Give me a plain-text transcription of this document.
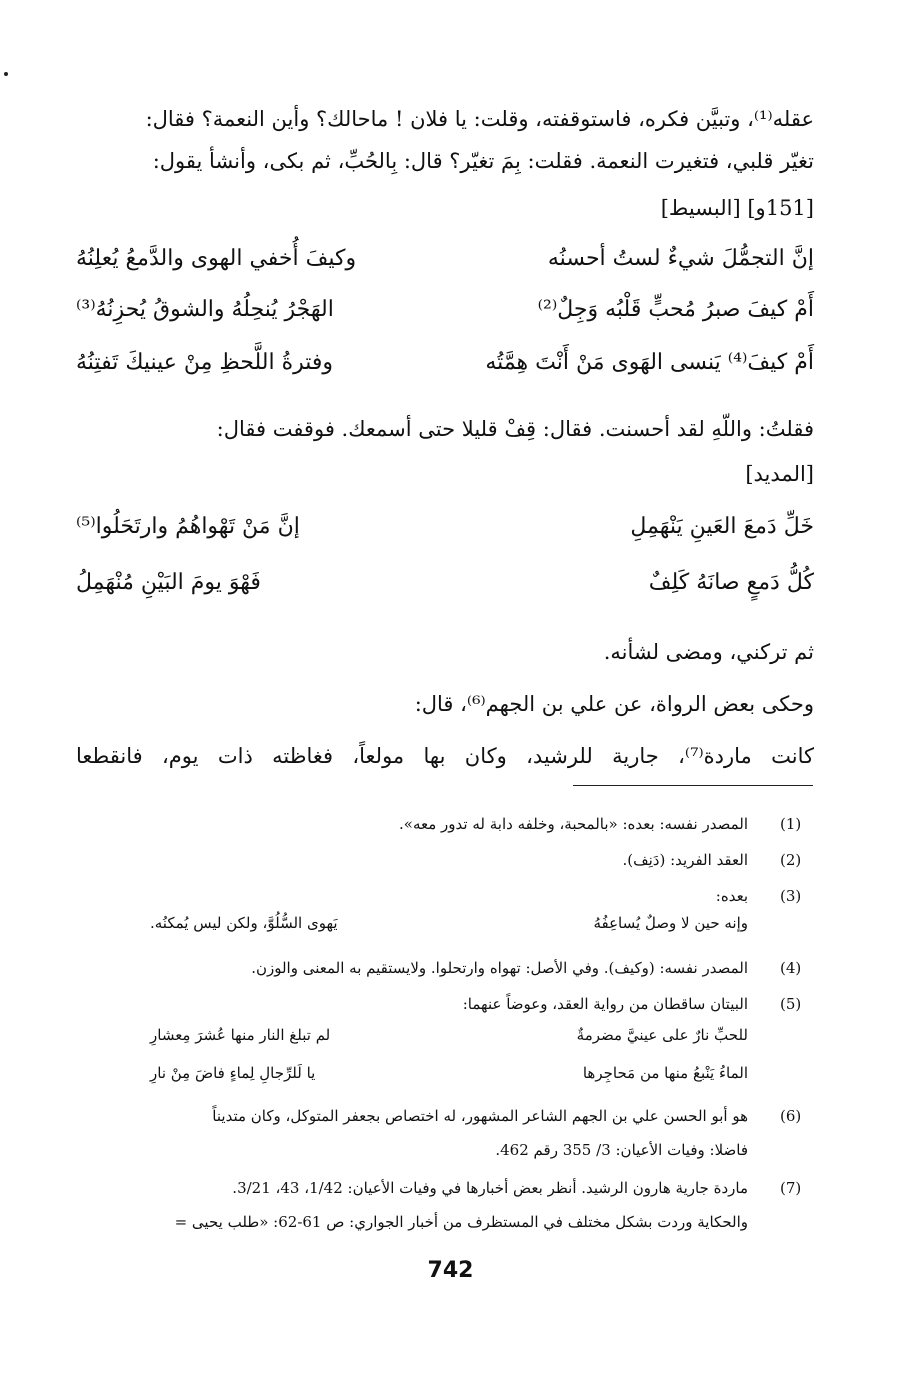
عقله⁽¹⁾، وتبيَّن فكره، فاستوقفته، وقلت: يا فلان ! ماحالك؟ وأين النعمة؟ فقال:
تغيّر قلبي، فتغيرت النعمة. فقلت: بِمَ تغيّر؟ قال: بِالحُبِّ، ثم بكى، وأنشأ يقول:
[151و] [البسيط]
إنَّ التجمُّلَ شيءٌ لستُ أحسنُه
وكيفَ أُخفي الهوى والدَّمعُ يُعلِنُهُ
أَمْ كيفَ صبرُ مُحبٍّ قَلْبُه وَجِلٌ⁽²⁾
الهَجْرُ يُنحِلُهُ والشوقُ يُحزِنُهُ⁽³⁾
أَمْ كيفَ⁽⁴⁾ يَنسى الهَوى مَنْ أَنْتَ هِمَّتُه
وفترةُ اللَّحظِ مِنْ عينيكَ تَفتِنُهُ
فقلتُ: واللّهِ لقد أحسنت. فقال: قِفْ قليلا حتى أسمعك. فوقفت فقال:
[المديد]
خَلِّ دَمعَ العَينِ يَنْهَمِلِ
إنَّ مَنْ تَهْواهُمُ وارتَحَلُوا⁽⁵⁾
كُلُّ دَمعٍ صانَهُ كَلِفٌ
فَهْوَ يومَ البَيْنِ مُنْهَمِلُ
ثم تركني، ومضى لشأنه.
وحكى بعض الرواة، عن علي بن الجهم⁽⁶⁾، قال:
كانت ماردة⁽⁷⁾، جارية للرشيد، وكان بها مولعاً، فغاظته ذات يوم، فانقطعا
(1)
المصدر نفسه: بعده: «بالمحبة، وخلفه دابة له تدور معه».
(2)
العقد الفريد: (دَنِف).
(3)
بعده:
وإنه حين لا وصلٌ يُساعِفُهُ
يَهوى السُّلُوَّ، ولكن ليس يُمكنُه.
(4)
المصدر نفسه: (وكيف). وفي الأصل: تهواه وارتحلوا. ولايستقيم به المعنى والوزن.
(5)
البيتان ساقطان من رواية العقد، وعوضاً عنهما:
للحبِّ نارٌ على عينيَّ مضرمةٌ
لم تبلغ النار منها عُشرَ مِعشارِ
الماءُ يَنْبعُ منها من مَحاجِرها
يا لَلرِّجالِ لِماءٍ فاضَ مِنْ نارِ
(6)
هو أبو الحسن علي بن الجهم الشاعر المشهور، له اختصاص بجعفر المتوكل، وكان متديناً
فاضلا: وفيات الأعيان: 3/ 355 رقم 462.
(7)
ماردة جارية هارون الرشيد. أنظر بعض أخبارها في وفيات الأعيان: 1/42، 43، 3/21.
والحكاية وردت بشكل مختلف في المستظرف من أخبار الجواري: ص 61-62: «طلب يحيى =
742
